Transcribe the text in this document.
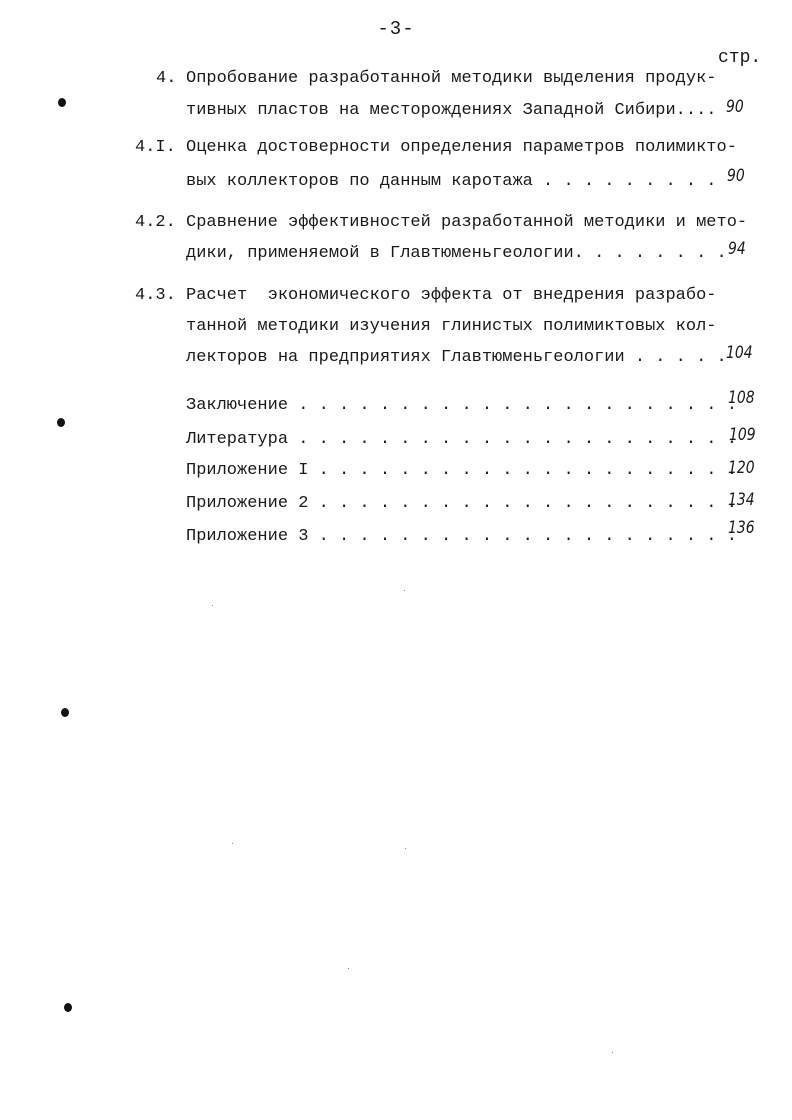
-3-
стр.
4. Опробование разработанной методики выделения продук-
тивных пластов на месторождениях Западной Сибири.... 90
4.I. Оценка достоверности определения параметров полимикто-
вых коллекторов по данным каротажа . . . . . . . . . 90
4.2. Сравнение эффективностей разработанной методики и мето-
дики, применяемой в Главтюменьгеологии. . . . . . . . 94
4.3. Расчет  экономического эффекта от внедрения разрабо-
танной методики изучения глинистых полимиктовых кол-
лекторов на предприятиях Главтюменьгеологии . . . . . 104
Заключение . . . . . . . . . . . . . . . . . . . . . .
108
Литература . . . . . . . . . . . . . . . . . . . . . .
109
Приложение I . . . . . . . . . . . . . . . . . . . . .
120
Приложение 2 . . . . . . . . . . . . . . . . . . . . .
134
Приложение 3 . . . . . . . . . . . . . . . . . . . . .
136
